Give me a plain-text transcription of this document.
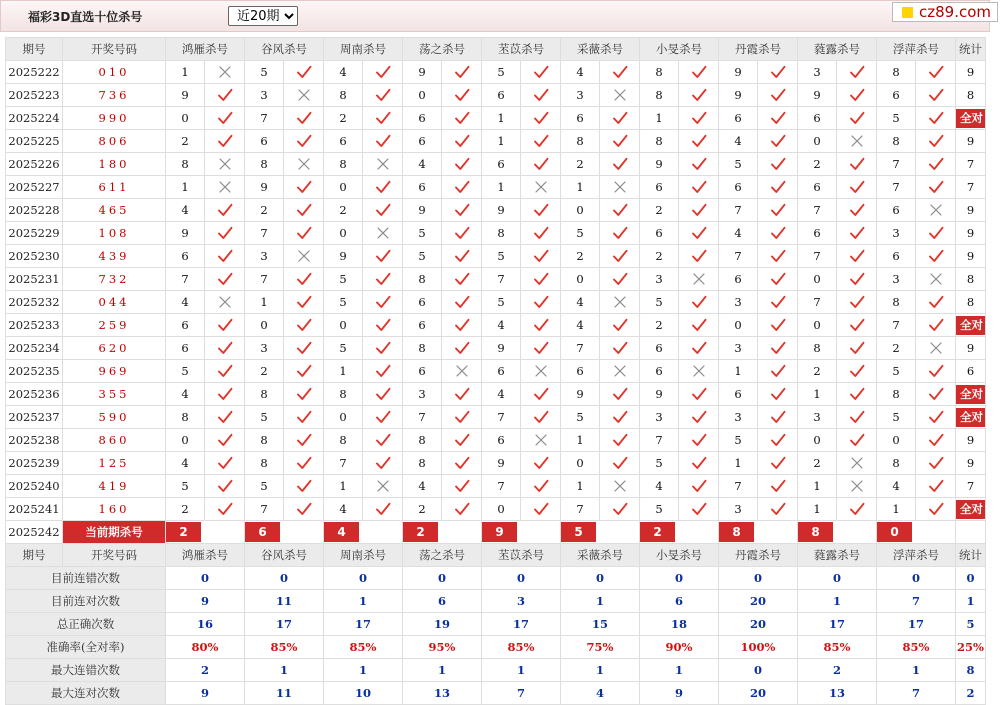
福彩3D直选十位杀号
近20期	cz89.com
期号	开奖号码	鸿雁杀号		谷风杀号		周南杀号		荡之杀号		苤苡杀号		采薇杀号		小旻杀号		丹霞杀号		蕤露杀号		浮萍杀号		统计
2025222	010	1		5		4		9		5		4		8		9		3		8		9
2025223	736	9		3		8		0		6		3		8		9		9		6		8
2025224	990	0		7		2		6		1		6		1		6		6		5		全对

2025225	806	2		6		6		6		1		8		8		4		0		8		9
2025226	180	8		8		8		4		6		2		9		5		2		7		7
2025227	611	1		9		0		6		1		1		6		6		6		7		7
2025228	465	4		2		2		9		9		0		2		7		7		6		9
2025229	108	9		7		0		5		8		5		6		4		6		3		9
2025230	439	6		3		9		5		5		2		2		7		7		6		9
2025231	732	7		7		5		8		7		0		3		6		0		3		8
2025232	044	4		1		5		6		5		4		5		3		7		8		8
2025233	259	6		0		0		6		4		4		2		0		0		7		全对

2025234	620	6		3		5		8		9		7		6		3		8		2		9
2025235	969	5		2		1		6		6		6		6		1		2		5		6
2025236	355	4		8		8		3		4		9		9		6		1		8		全对

2025237	590	8		5		0		7		7		5		3		3		3		5		全对

2025238	860	0		8		8		8		6		1		7		5		0		0		9
2025239	125	4		8		7		8		9		0		5		1		2		8		9
2025240	419	5		5		1		4		7		1		4		7		1		4		7
2025241	160	2		7		4		2		0		7		5		3		1		1		全对

2025242	当前期杀号	2		6		4		2		9		5		2		8		8		0		

期号	开奖号码	鸿雁杀号		谷风杀号		周南杀号		荡之杀号		苤苡杀号		采薇杀号		小旻杀号		丹霞杀号		蕤露杀号		浮萍杀号		统计
目前连错次数		0		0		0		0		0		0		0		0		0		0		0
目前连对次数		9		11		1		6		3		1		6		20		1		7		1
总正确次数		16		17		17		19		17		15		18		20		17		17		5
准确率(全对率)		80%		85%		85%		95%		85%		75%		90%		100%		85%		85%		25%
最大连错次数		2		1		1		1		1		1		1		0		2		1		8
最大连对次数		9		11		10		13		7		4		9		20		13		7		2
